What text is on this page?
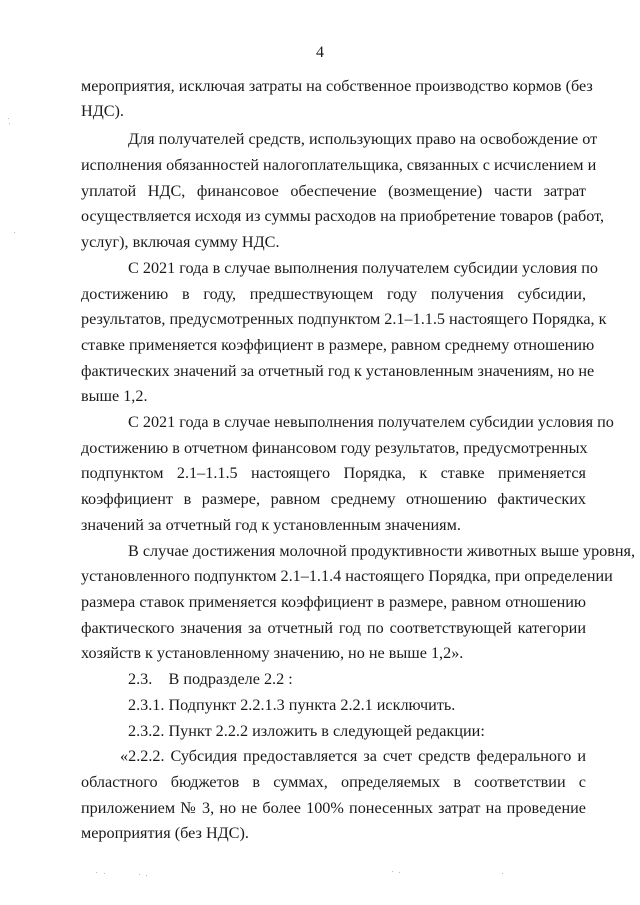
4
мероприятия, исключая затраты на собственное производство кормов (без
НДС).
Для получателей средств, использующих право на освобождение от
исполнения обязанностей налогоплательщика, связанных с исчислением и
уплатой НДС, финансовое обеспечение (возмещение) части затрат
осуществляется исходя из суммы расходов на приобретение товаров (работ,
услуг), включая сумму НДС.
С 2021 года в случае выполнения получателем субсидии условия по
достижению в году, предшествующем году получения субсидии,
результатов, предусмотренных подпунктом 2.1–1.1.5 настоящего Порядка, к
ставке применяется коэффициент в размере, равном среднему отношению
фактических значений за отчетный год к установленным значениям, но не
выше 1,2.
С 2021 года в случае невыполнения получателем субсидии условия по
достижению в отчетном финансовом году результатов, предусмотренных
подпунктом 2.1–1.1.5 настоящего Порядка, к ставке применяется
коэффициент в размере, равном среднему отношению фактических
значений за отчетный год к установленным значениям.
В случае достижения молочной продуктивности животных выше уровня,
установленного подпунктом 2.1–1.1.4 настоящего Порядка, при определении
размера ставок применяется коэффициент в размере, равном отношению
фактического значения за отчетный год по соответствующей категории
хозяйств к установленному значению, но не выше 1,2».
2.3.    В подразделе 2.2 :
2.3.1. Подпункт 2.2.1.3 пункта 2.2.1 исключить.
2.3.2. Пункт 2.2.2 изложить в следующей редакции:
«2.2.2. Субсидия предоставляется за счет средств федерального и
областного бюджетов в суммах, определяемых в соответствии с
приложением № 3, но не более 100% понесенных затрат на проведение
мероприятия (без НДС).
